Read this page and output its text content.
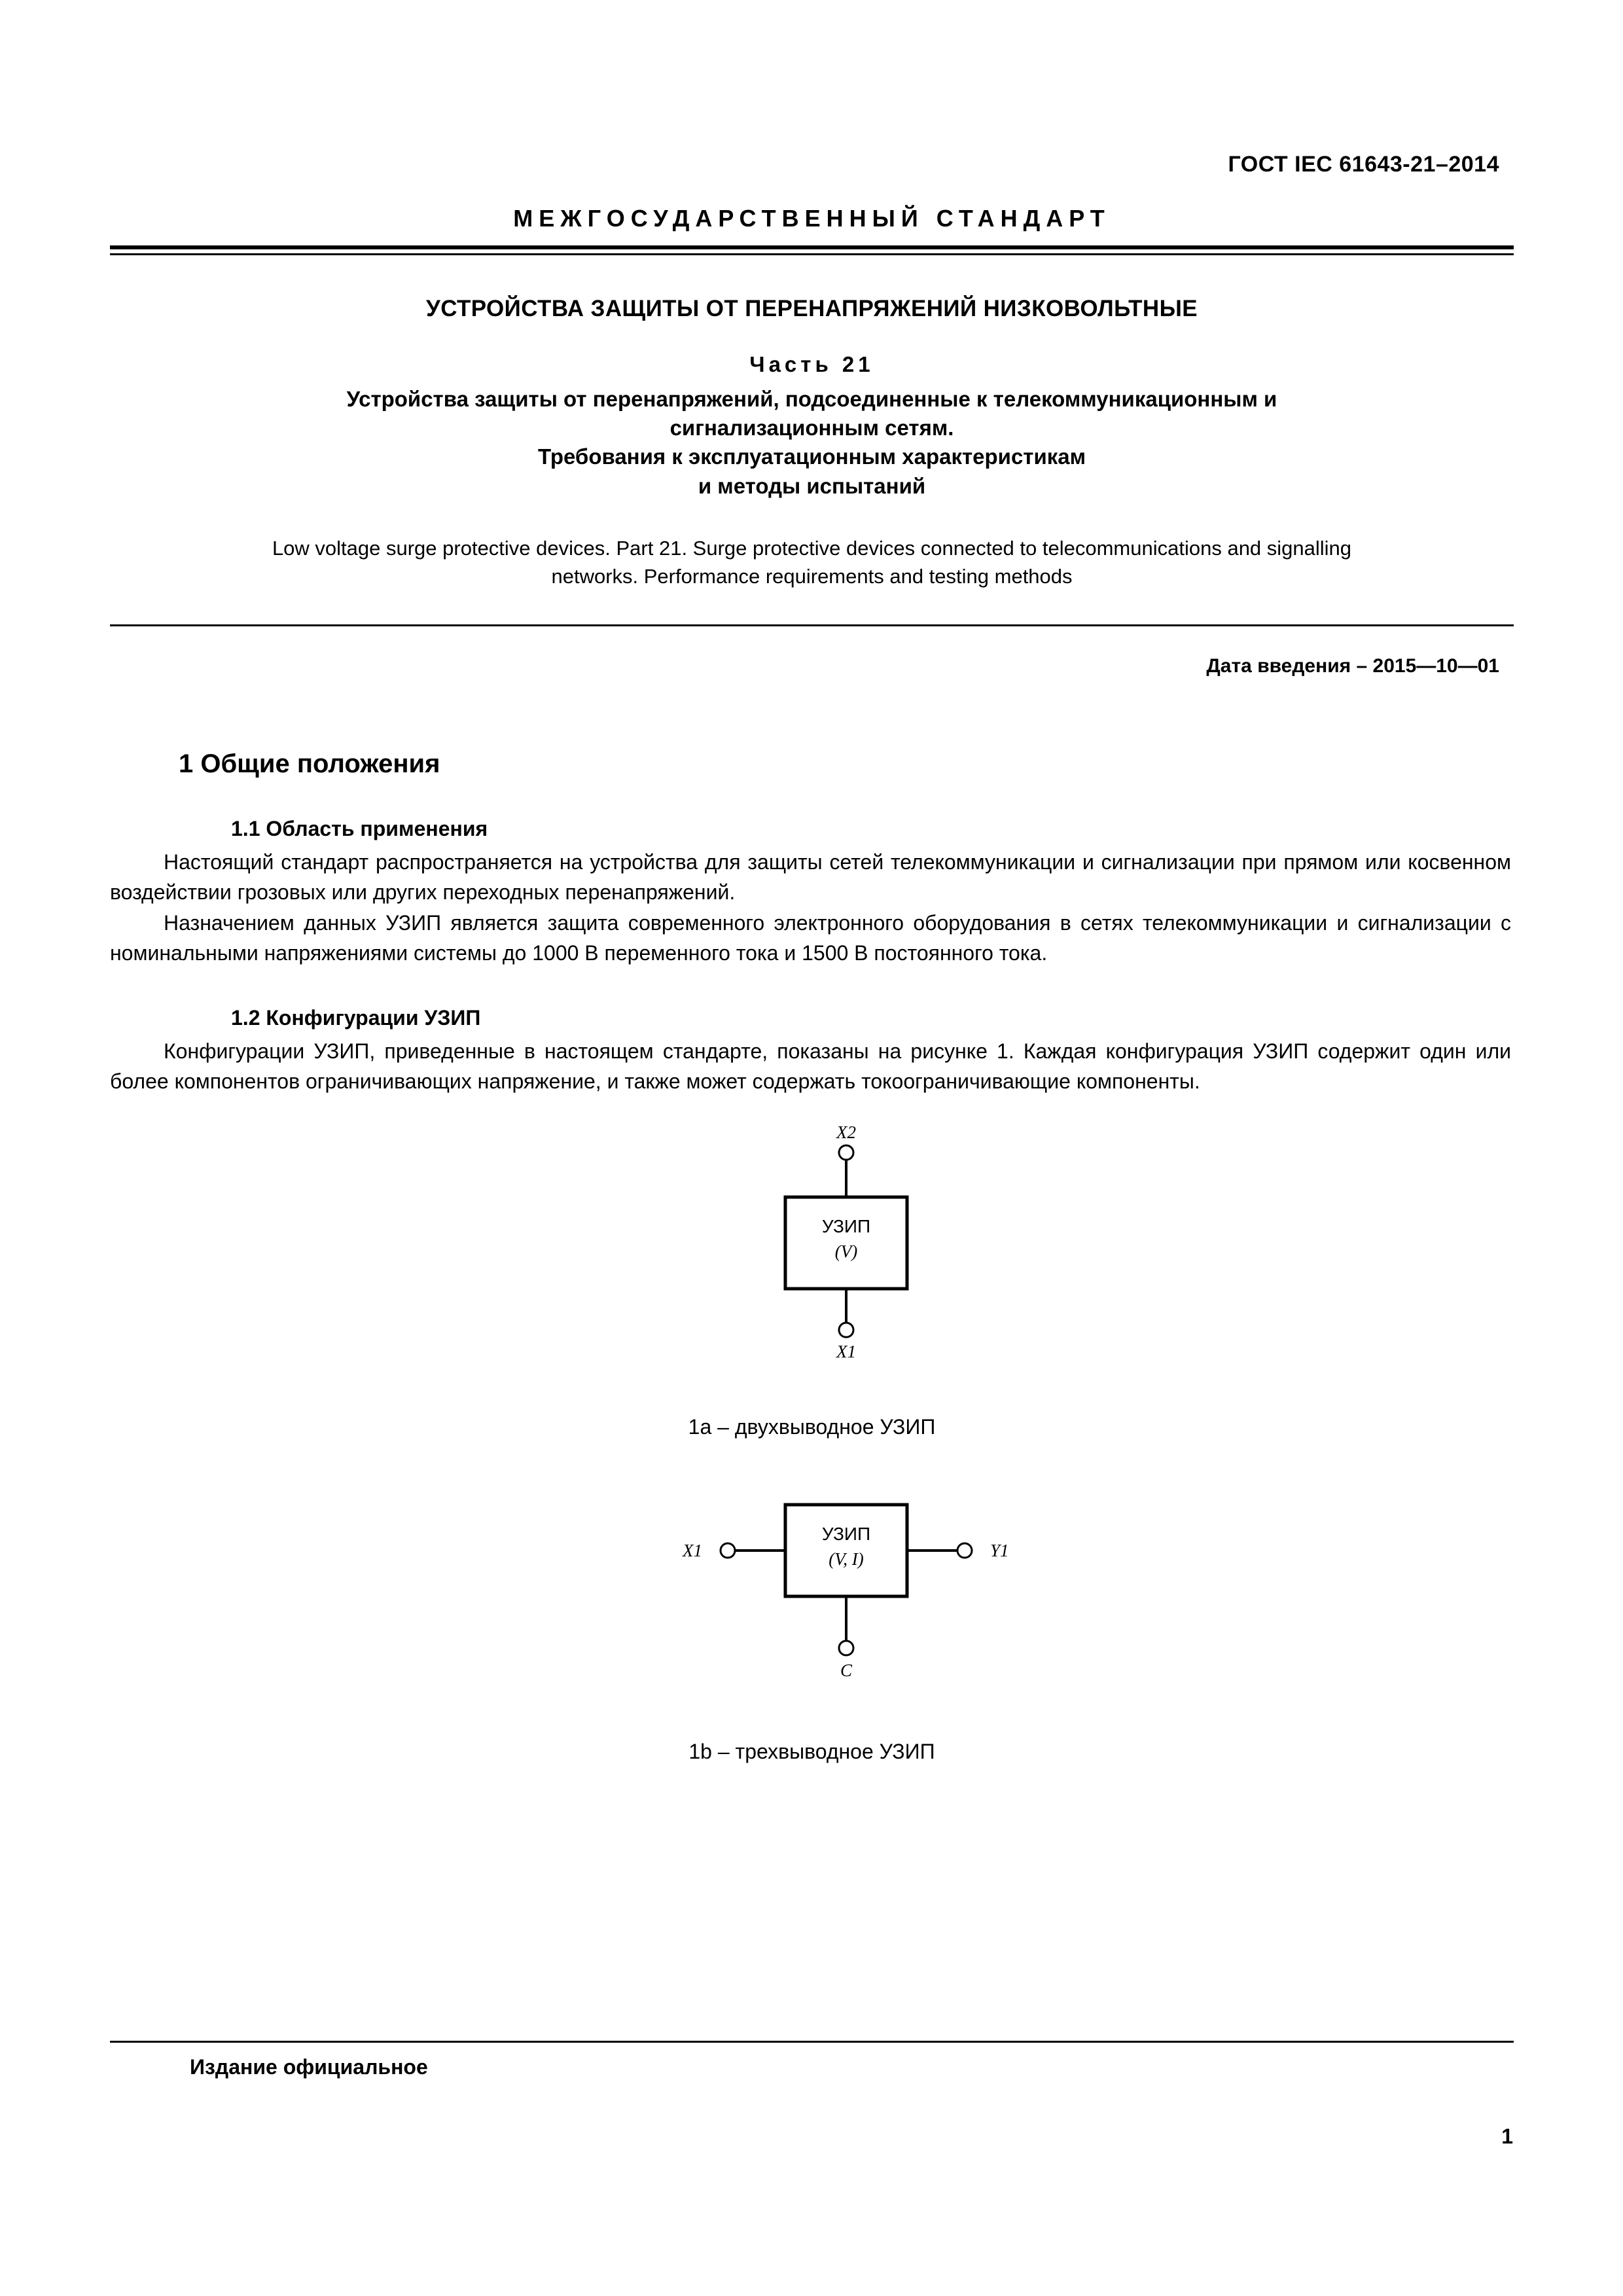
ГОСТ IEC 61643-21–2014
МЕЖГОСУДАРСТВЕННЫЙ СТАНДАРТ
УСТРОЙСТВА ЗАЩИТЫ ОТ ПЕРЕНАПРЯЖЕНИЙ НИЗКОВОЛЬТНЫЕ
Часть 21
Устройства защиты от перенапряжений, подсоединенные к телекоммуникационным и
сигнализационным сетям.
Требования к эксплуатационным характеристикам
и методы испытаний
Low voltage surge protective devices. Part 21. Surge protective devices connected to telecommunications and signalling
networks. Performance requirements and testing methods
Дата введения – 2015—10—01
1 Общие положения
1.1 Область применения

Настоящий стандарт распространяется на устройства для защиты сетей телекоммуникации и сигнализации при прямом или косвенном воздействии грозовых или других переходных перенапряжений.

Назначением данных УЗИП является защита современного электронного оборудования в сетях телекоммуникации и сигнализации с номинальными напряжениями системы до 1000 В переменного тока и 1500 В постоянного тока.

1.2 Конфигурации УЗИП

Конфигурации УЗИП, приведенные в настоящем стандарте, показаны на рисунке 1. Каждая конфигурация УЗИП содержит один или более компонентов ограничивающих напряжение, и также может содержать токоограничивающие компоненты.

УЗИП
(V)
X2
X1
1a – двухвыводное УЗИП
УЗИП
(V, I)
X1	Y1
C
1b – трехвыводное УЗИП
Издание официальное
1
